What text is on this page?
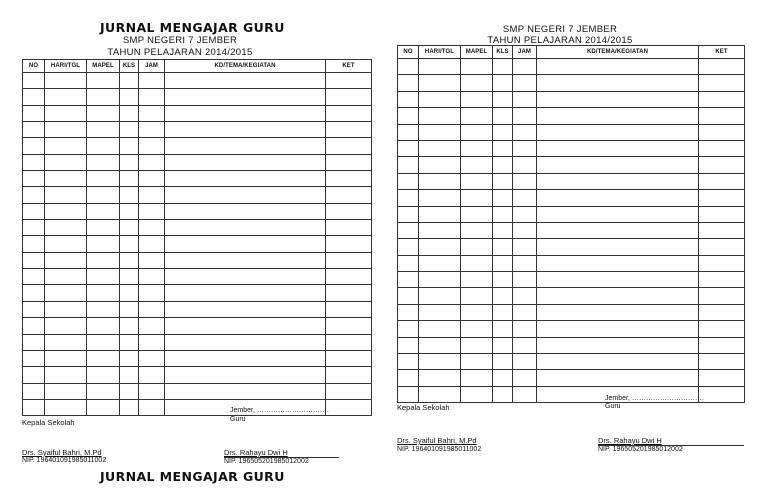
JURNAL MENGAJAR GURU
SMP NEGERI 7 JEMBER
TAHUN PELAJARAN 2014/2015
NO	HARI/TGL	MAPEL	KLS	JAM	KD/TEMA/KEGIATAN	KET

Jember, ………………………….
Guru
Kepala Sekolah
Drs. Syaiful Bahri, M.Pd
NIP. 196401091985011002
Drs. Rahayu Dwi H
NIP. 196505201985012002
JURNAL MENGAJAR GURU
SMP NEGERI 7 JEMBER
TAHUN PELAJARAN 2014/2015
NO	HARI/TGL	MAPEL	KLS	JAM	KD/TEMA/KEGIATAN	KET

Jember, ………………………….
Guru
Kepala Sekolah
Drs. Syaiful Bahri, M.Pd
NIP. 196401091985011002
Drs. Rahayu Dwi H
NIP. 196505201985012002
